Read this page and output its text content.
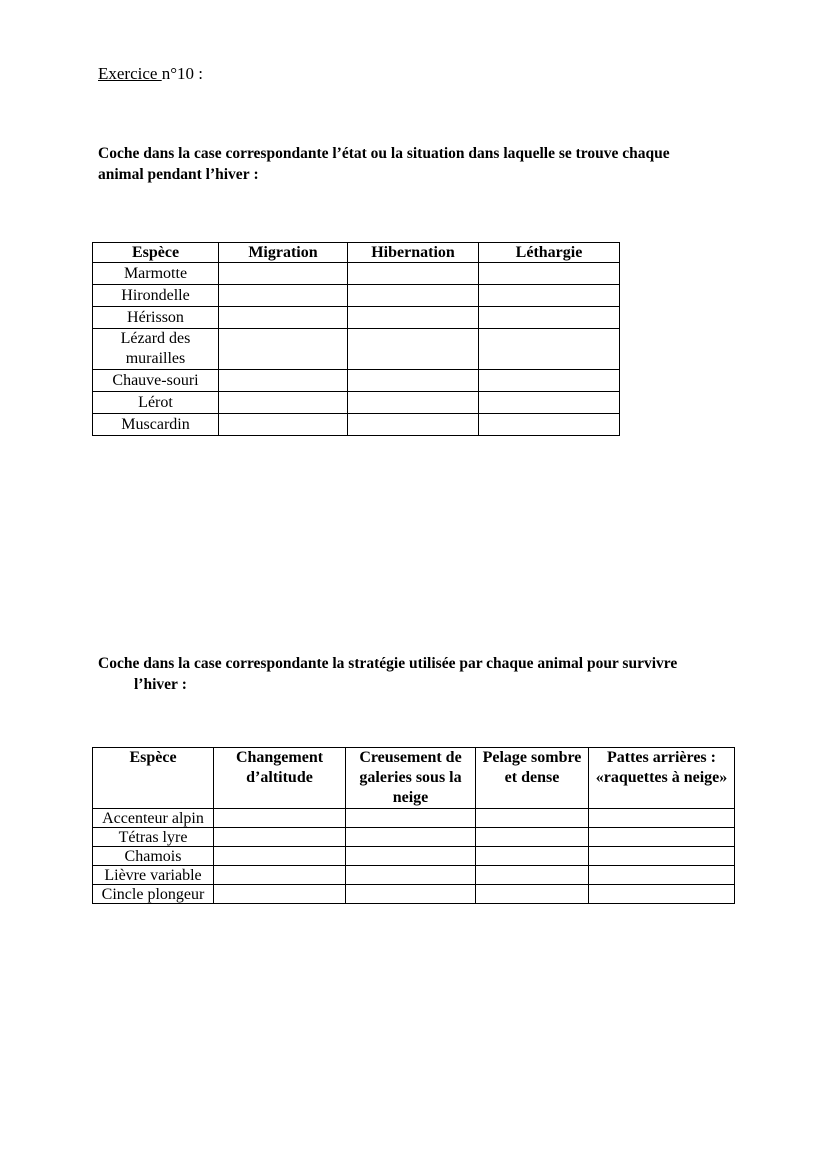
Exercice n°10 :
Coche dans la case correspondante l’état ou la situation dans laquelle se trouve chaque
animal pendant l’hiver :
Espèce	Migration	Hibernation	Léthargie
Marmotte			
Hirondelle			
Hérisson			
Lézard des murailles			
Chauve-souri			
Lérot			
Muscardin			
Coche dans la case correspondante la stratégie utilisée par chaque animal pour survivre
l’hiver :
Espèce	Changement d’altitude	Creusement de galeries sous la neige	Pelage sombre et dense	Pattes arrières : «raquettes à neige»
Accenteur alpin				
Tétras lyre				
Chamois				
Lièvre variable				
Cincle plongeur				
